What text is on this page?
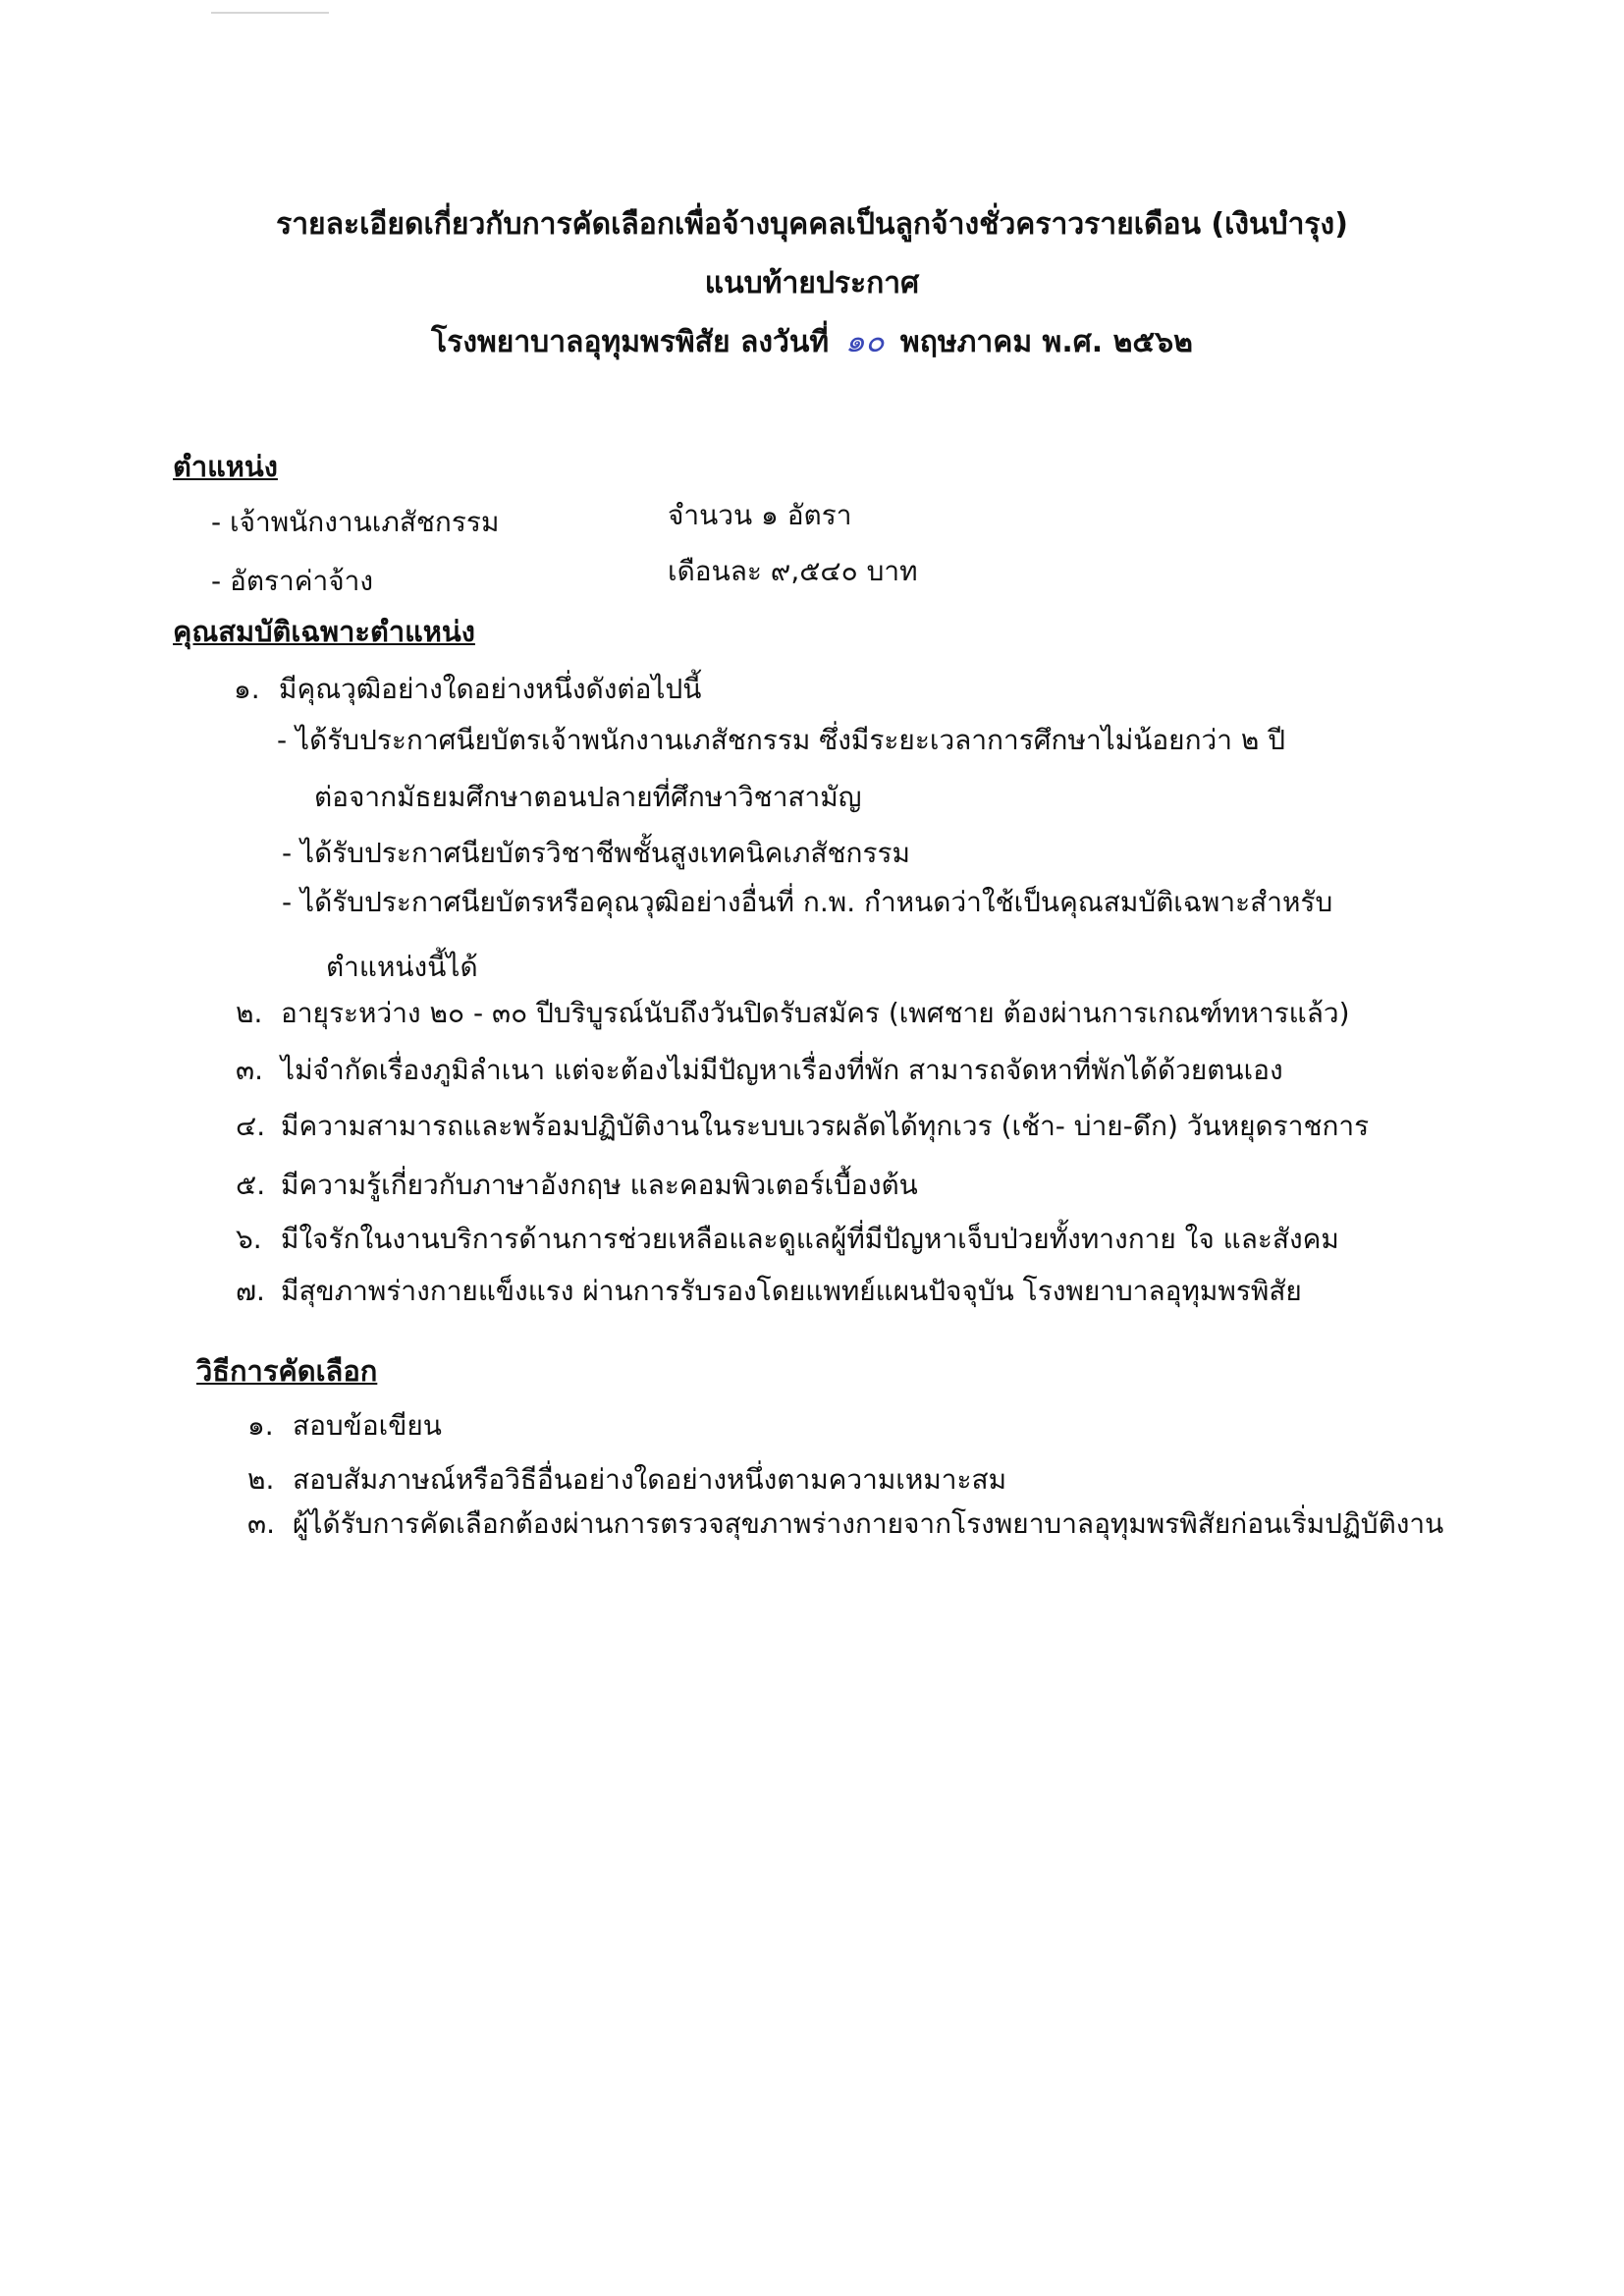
รายละเอียดเกี่ยวกับการคัดเลือกเพื่อจ้างบุคคลเป็นลูกจ้างชั่วคราวรายเดือน (เงินบำรุง)
แนบท้ายประกาศ
โรงพยาบาลอุทุมพรพิสัย ลงวันที่ ๑๐ พฤษภาคม พ.ศ. ๒๕๖๒
ตำแหน่ง
- เจ้าพนักงานเภสัชกรรม	จำนวน ๑ อัตรา
- อัตราค่าจ้าง	เดือนละ ๙,๕๔๐ บาท
คุณสมบัติเฉพาะตำแหน่ง
๑. มีคุณวุฒิอย่างใดอย่างหนึ่งดังต่อไปนี้
- ได้รับประกาศนียบัตรเจ้าพนักงานเภสัชกรรม ซึ่งมีระยะเวลาการศึกษาไม่น้อยกว่า ๒ ปี
ต่อจากมัธยมศึกษาตอนปลายที่ศึกษาวิชาสามัญ
- ได้รับประกาศนียบัตรวิชาชีพชั้นสูงเทคนิคเภสัชกรรม
- ได้รับประกาศนียบัตรหรือคุณวุฒิอย่างอื่นที่ ก.พ. กำหนดว่าใช้เป็นคุณสมบัติเฉพาะสำหรับ
ตำแหน่งนี้ได้
๒. อายุระหว่าง ๒๐ - ๓๐ ปีบริบูรณ์นับถึงวันปิดรับสมัคร (เพศชาย ต้องผ่านการเกณฑ์ทหารแล้ว)
๓. ไม่จำกัดเรื่องภูมิลำเนา แต่จะต้องไม่มีปัญหาเรื่องที่พัก สามารถจัดหาที่พักได้ด้วยตนเอง
๔. มีความสามารถและพร้อมปฏิบัติงานในระบบเวรผลัดได้ทุกเวร (เช้า- บ่าย-ดึก) วันหยุดราชการ
๕. มีความรู้เกี่ยวกับภาษาอังกฤษ และคอมพิวเตอร์เบื้องต้น
๖. มีใจรักในงานบริการด้านการช่วยเหลือและดูแลผู้ที่มีปัญหาเจ็บป่วยทั้งทางกาย ใจ และสังคม
๗. มีสุขภาพร่างกายแข็งแรง ผ่านการรับรองโดยแพทย์แผนปัจจุบัน โรงพยาบาลอุทุมพรพิสัย
วิธีการคัดเลือก
๑. สอบข้อเขียน
๒. สอบสัมภาษณ์หรือวิธีอื่นอย่างใดอย่างหนึ่งตามความเหมาะสม
๓. ผู้ได้รับการคัดเลือกต้องผ่านการตรวจสุขภาพร่างกายจากโรงพยาบาลอุทุมพรพิสัยก่อนเริ่มปฏิบัติงาน
